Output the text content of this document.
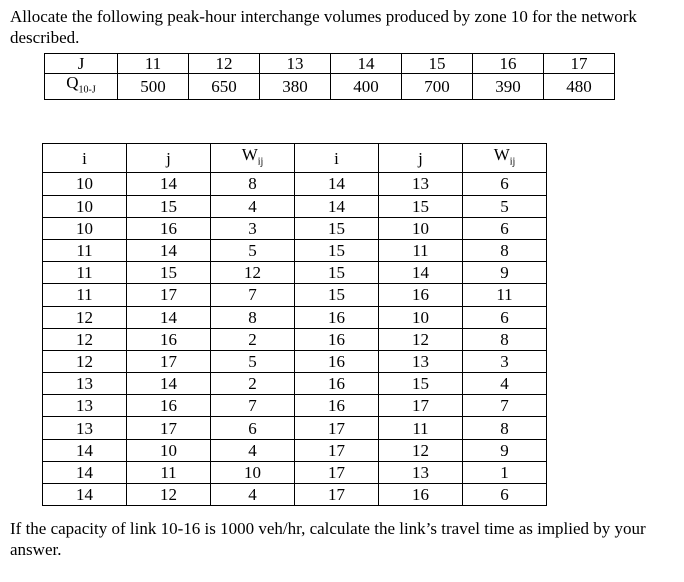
Allocate the following peak-hour interchange volumes produced by zone 10 for the network described.
J	11	12	13	14	15	16	17
$Q_{10-J}$	500	650	380	400	700	390	480
i	j	$W_{ij}$	i	j	$W_{ij}$
10	14	8	14	13	6
10	15	4	14	15	5
10	16	3	15	10	6
11	14	5	15	11	8
11	15	12	15	14	9
11	17	7	15	16	11
12	14	8	16	10	6
12	16	2	16	12	8
12	17	5	16	13	3
13	14	2	16	15	4
13	16	7	16	17	7
13	17	6	17	11	8
14	10	4	17	12	9
14	11	10	17	13	1
14	12	4	17	16	6
If the capacity of link 10-16 is 1000 veh/hr, calculate the link’s travel time as implied by your answer.
